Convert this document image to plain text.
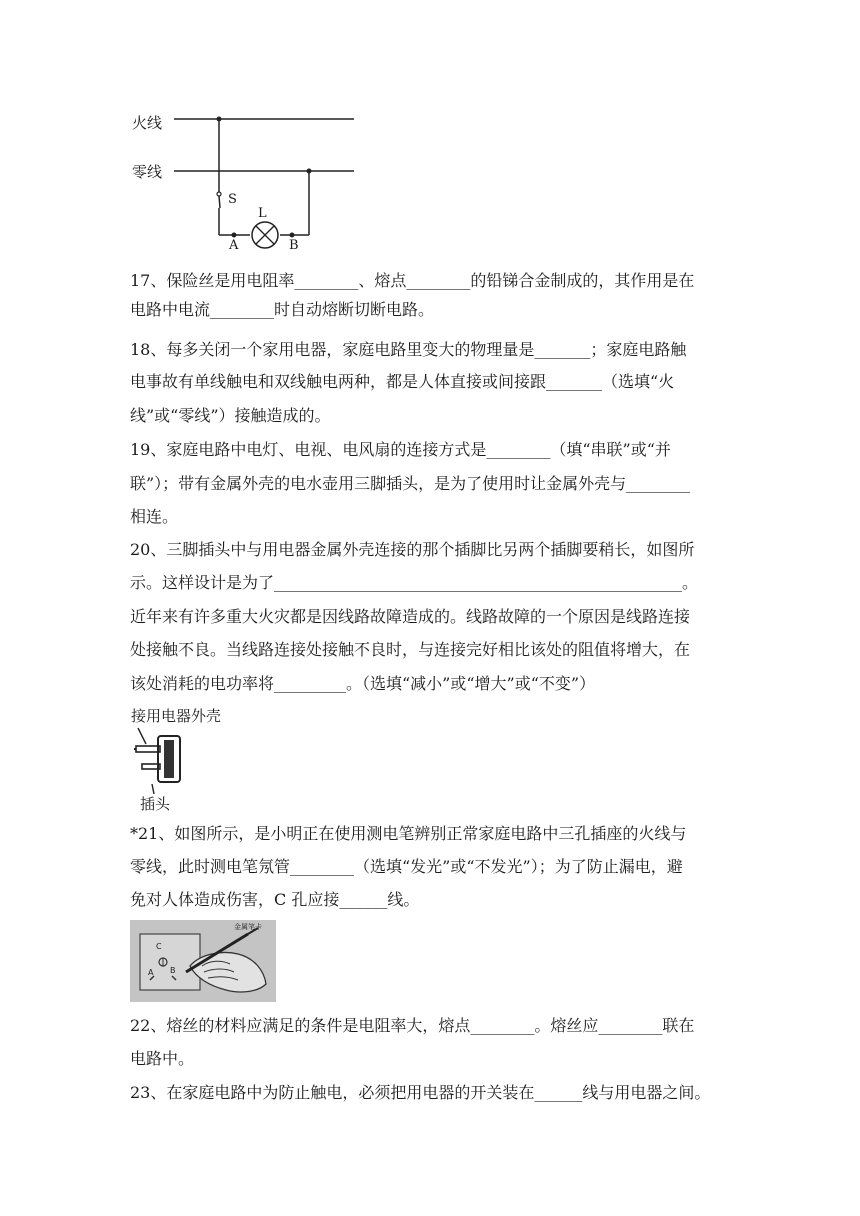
火线
零线
S
L
A	B
17、保险丝是用电阻率________、熔点________的铅锑合金制成的，其作用是在
电路中电流________时自动熔断切断电路。
18、每多关闭一个家用电器，家庭电路里变大的物理量是_______；家庭电路触
电事故有单线触电和双线触电两种，都是人体直接或间接跟_______（选填“火
线”或“零线”）接触造成的。
19、家庭电路中电灯、电视、电风扇的连接方式是________（填“串联”或“并
联”）；带有金属外壳的电水壶用三脚插头，是为了使用时让金属外壳与________
相连。
20、三脚插头中与用电器金属外壳连接的那个插脚比另两个插脚要稍长，如图所
示。这样设计是为了___________________________________________________。
近年来有许多重大火灾都是因线路故障造成的。线路故障的一个原因是线路连接
处接触不良。当线路连接处接触不良时，与连接完好相比该处的阻值将增大，在
该处消耗的电功率将_________。（选填“减小”或“增大”或“不变”）
接用电器外壳
插头
*21、如图所示，是小明正在使用测电笔辨别正常家庭电路中三孔插座的火线与
零线，此时测电笔氖管________（选填“发光”或“不发光”）；为了防止漏电，避
免对人体造成伤害，C 孔应接______线。
金属笔卡
C
A B
22、熔丝的材料应满足的条件是电阻率大，熔点________。熔丝应________联在
电路中。
23、在家庭电路中为防止触电，必须把用电器的开关装在______线与用电器之间。
